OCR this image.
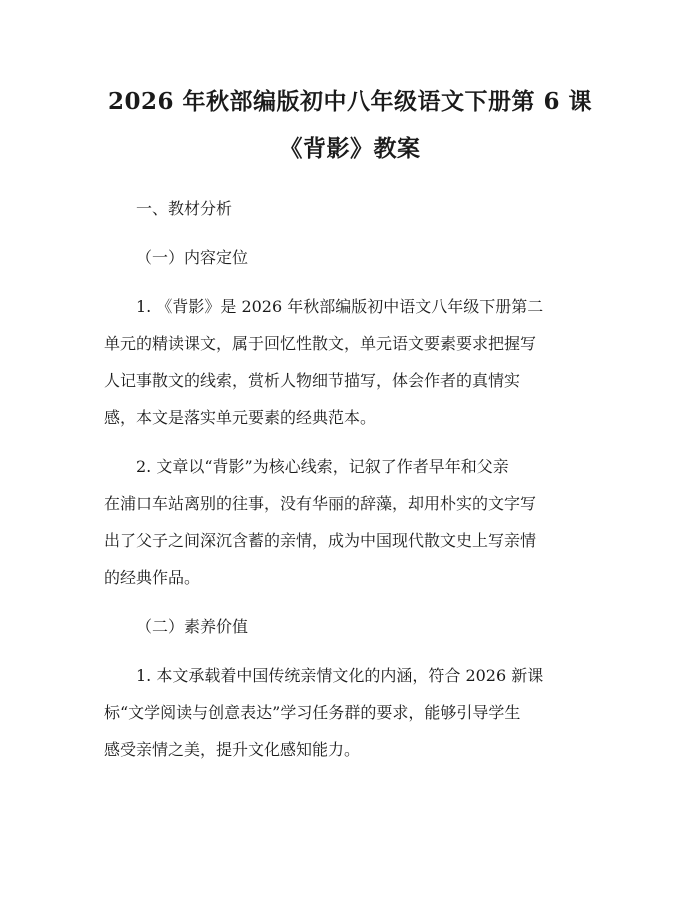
2026 年秋部编版初中八年级语文下册第 6 课
《背影》教案

一、教材分析

（一）内容定位

1. 《背影》是 2026 年秋部编版初中语文八年级下册第二
单元的精读课文，属于回忆性散文，单元语文要素要求把握写
人记事散文的线索，赏析人物细节描写，体会作者的真情实
感，本文是落实单元要素的经典范本。
2. 文章以“背影”为核心线索，记叙了作者早年和父亲
在浦口车站离别的往事，没有华丽的辞藻，却用朴实的文字写
出了父子之间深沉含蓄的亲情，成为中国现代散文史上写亲情
的经典作品。

（二）素养价值

1. 本文承载着中国传统亲情文化的内涵，符合 2026 新课
标“文学阅读与创意表达”学习任务群的要求，能够引导学生
感受亲情之美，提升文化感知能力。
